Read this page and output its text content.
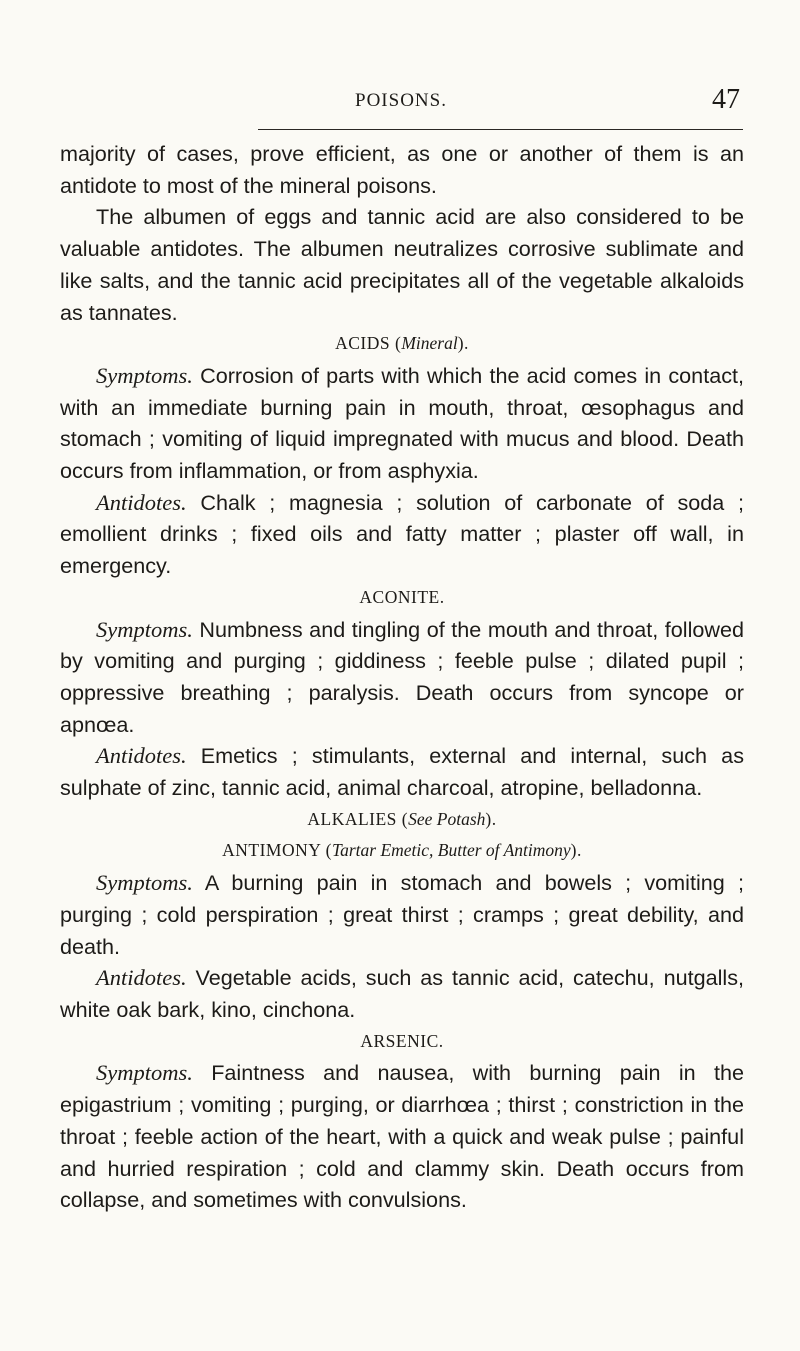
POISONS.	47

majority of cases, prove efficient, as one or another of them is an antidote to most of the mineral poisons.

The albumen of eggs and tannic acid are also considered to be valuable antidotes. The albumen neutralizes corrosive sublimate and like salts, and the tannic acid precipitates all of the vegetable alkaloids as tannates.

ACIDS (Mineral).

Symptoms. Corrosion of parts with which the acid comes in contact, with an immediate burning pain in mouth, throat, œsophagus and stomach ; vomiting of liquid impregnated with mucus and blood. Death occurs from inflammation, or from asphyxia.

Antidotes. Chalk ; magnesia ; solution of carbonate of soda ; emollient drinks ; fixed oils and fatty matter ; plaster off wall, in emergency.

ACONITE.

Symptoms. Numbness and tingling of the mouth and throat, followed by vomiting and purging ; giddiness ; feeble pulse ; dilated pupil ; oppressive breathing ; paralysis. Death occurs from syncope or apnœa.

Antidotes. Emetics ; stimulants, external and internal, such as sulphate of zinc, tannic acid, animal charcoal, atropine, belladonna.

ALKALIES (See Potash).

ANTIMONY (Tartar Emetic, Butter of Antimony).

Symptoms. A burning pain in stomach and bowels ; vomiting ; purging ; cold perspiration ; great thirst ; cramps ; great debility, and death.

Antidotes. Vegetable acids, such as tannic acid, catechu, nutgalls, white oak bark, kino, cinchona.

ARSENIC.

Symptoms. Faintness and nausea, with burning pain in the epigastrium ; vomiting ; purging, or diarrhœa ; thirst ; constriction in the throat ; feeble action of the heart, with a quick and weak pulse ; painful and hurried respiration ; cold and clammy skin. Death occurs from collapse, and sometimes with convulsions.
